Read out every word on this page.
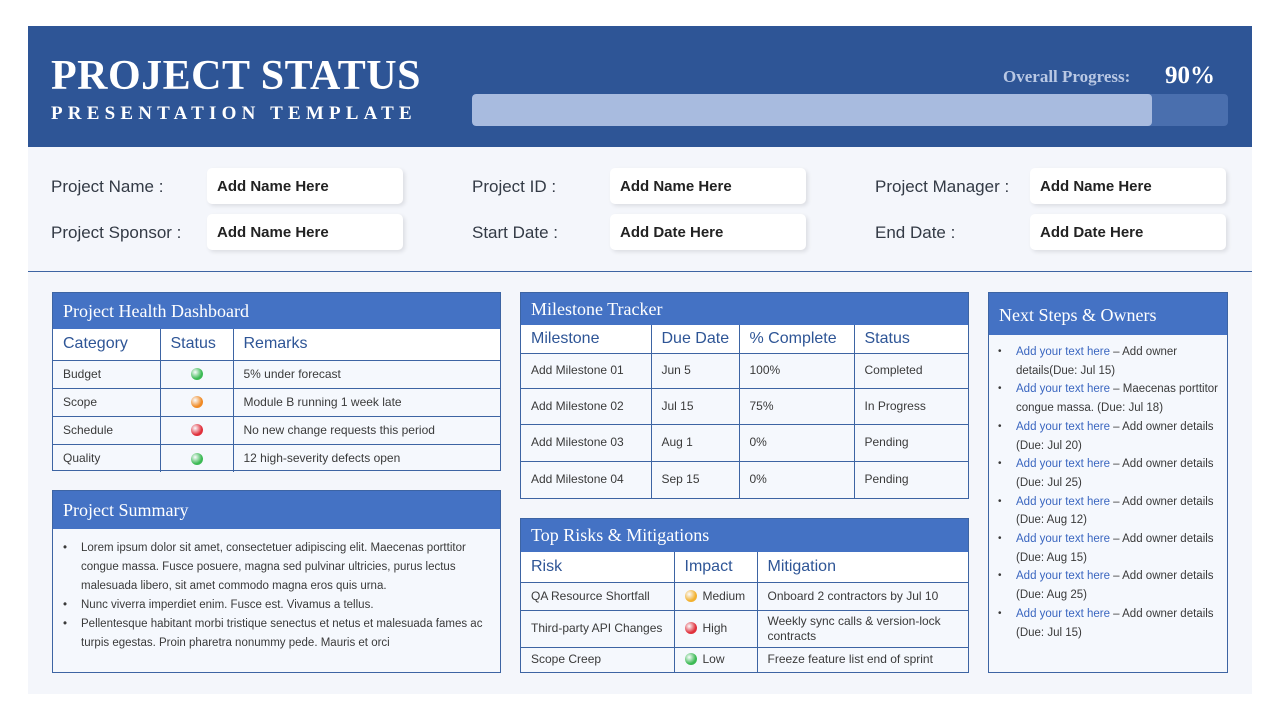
PROJECT STATUS
PRESENTATION TEMPLATE
Overall Progress: 90%
Project Name :	Add Name Here	Project ID :	Add Name Here	Project Manager :	Add Name Here
Project Sponsor :	Add Name Here	Start Date :	Add Date Here	End Date :	Add Date Here
Project Health Dashboard
Category	Status	Remarks
Budget		5% under forecast
Scope		Module B running 1 week late
Schedule		No new change requests this period
Quality		12 high-severity defects open
Project Summary
• Lorem ipsum dolor sit amet, consectetuer adipiscing elit. Maecenas porttitor congue massa. Fusce posuere, magna sed pulvinar ultricies, purus lectus malesuada libero, sit amet commodo magna eros quis urna.
• Nunc viverra imperdiet enim. Fusce est. Vivamus a tellus.
• Pellentesque habitant morbi tristique senectus et netus et malesuada fames ac turpis egestas. Proin pharetra nonummy pede. Mauris et orci
Milestone Tracker
Milestone	Due Date	% Complete	Status
Add Milestone 01	Jun 5	100%	Completed
Add Milestone 02	Jul 15	75%	In Progress
Add Milestone 03	Aug 1	0%	Pending
Add Milestone 04	Sep 15	0%	Pending
Top Risks & Mitigations
Risk	Impact	Mitigation
QA Resource Shortfall	Medium	Onboard 2 contractors by Jul 10
Third-party API Changes	High	Weekly sync calls & version-lock contracts
Scope Creep	Low	Freeze feature list end of sprint
Next Steps & Owners
• Add your text here – Add owner details(Due: Jul 15)
• Add your text here – Maecenas porttitor congue massa. (Due: Jul 18)
• Add your text here – Add owner details (Due: Jul 20)
• Add your text here – Add owner details (Due: Jul 25)
• Add your text here – Add owner details (Due: Aug 12)
• Add your text here – Add owner details (Due: Aug 15)
• Add your text here – Add owner details (Due: Aug 25)
• Add your text here – Add owner details (Due: Jul 15)
